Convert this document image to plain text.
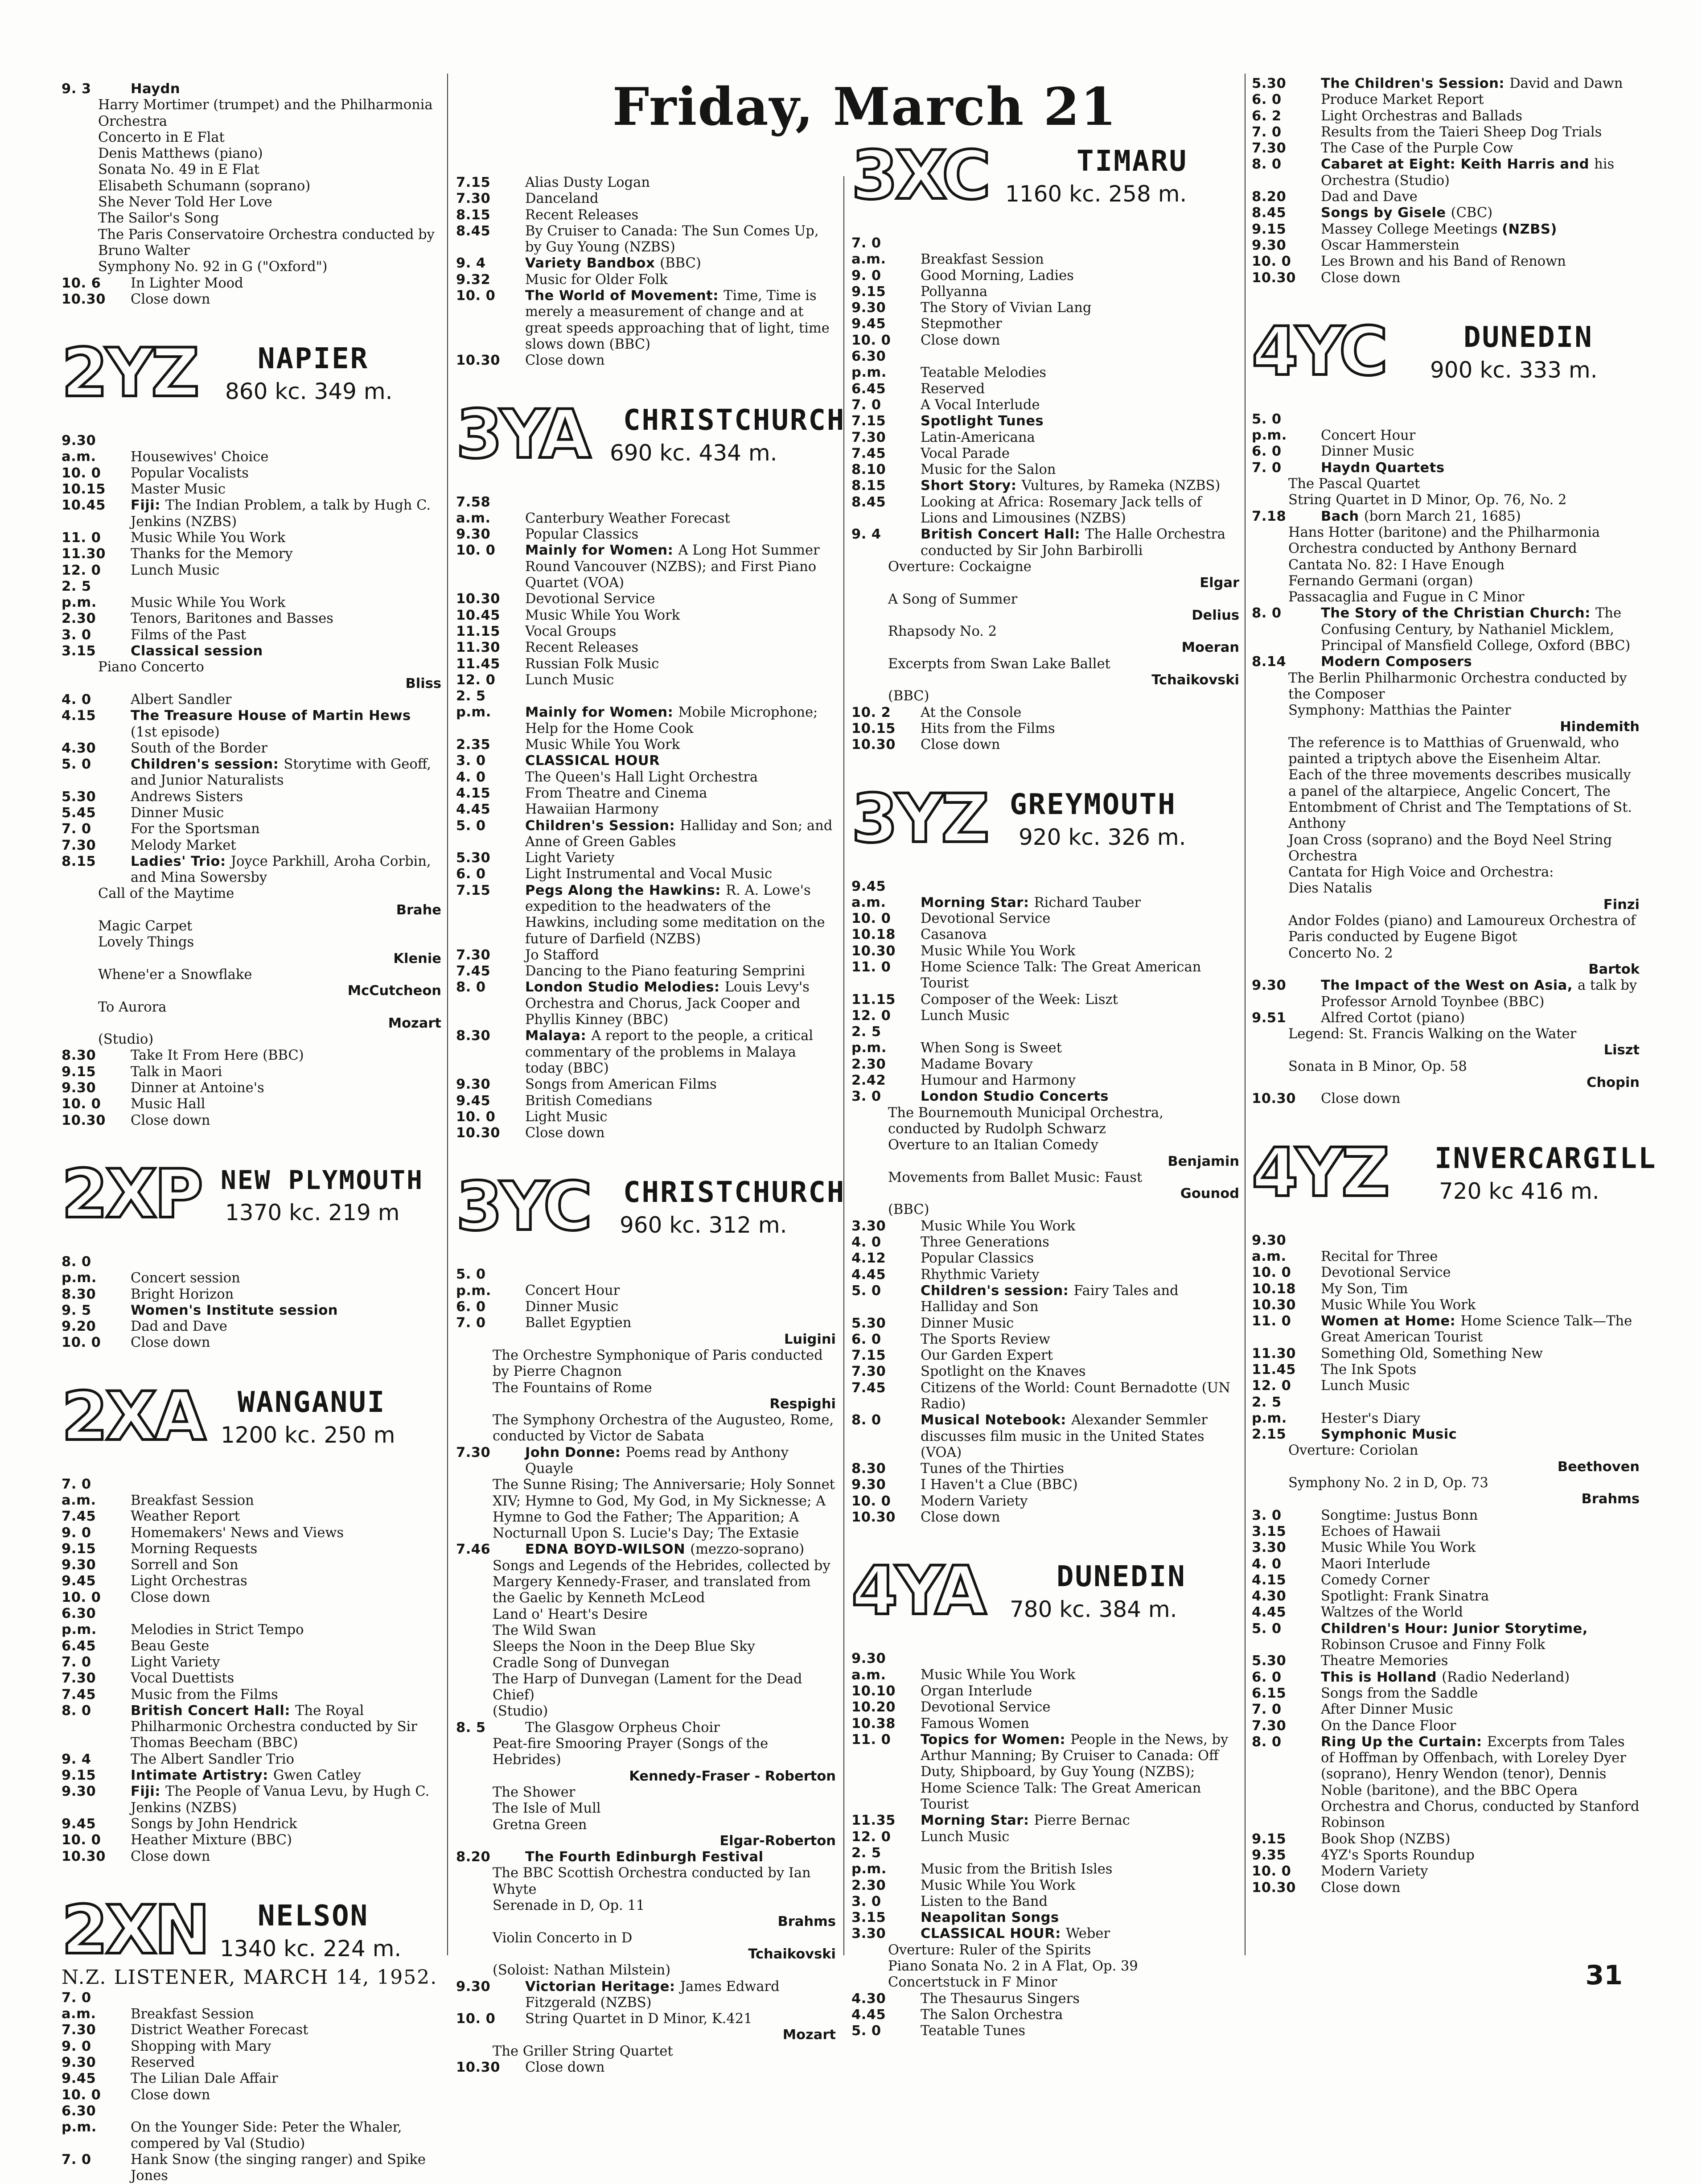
Friday, March 21
9. 3	Haydn
Harry Mortimer (trumpet) and the Philharmonia Orchestra
Concerto in E Flat
Denis Matthews (piano)
Sonata No. 49 in E Flat
Elisabeth Schumann (soprano)
She Never Told Her Love
The Sailor's Song
The Paris Conservatoire Orchestra conducted by Bruno Walter
Symphony No. 92 in G ("Oxford")
10. 6 In Lighter Mood
10.30 Close down
2YZ NAPIER
860 kc. 349 m.
9.30 a.m.	Housewives' Choice
10. 0 Popular Vocalists
10.15 Master Music
10.45 Fiji: The Indian Problem, a talk by Hugh C. Jenkins (NZBS)
11. 0 Music While You Work
11.30 Thanks for the Memory
12. 0 Lunch Music
2. 5 p.m. Music While You Work
2.30	Tenors, Baritones and Basses
3. 0	Films of the Past
3.15	Classical session
Piano Concerto
Bliss
4. 0	Albert Sandler
4.15	The Treasure House of Martin Hews (1st episode)
4.30	South of the Border
5. 0	Children's session: Storytime with Geoff, and Junior Naturalists
5.30	Andrews Sisters
5.45	Dinner Music
7. 0	For the Sportsman
7.30	Melody Market
8.15	Ladies' Trio: Joyce Parkhill, Aroha Corbin, and Mina Sowersby
Call of the Maytime
Brahe
Magic Carpet
Lovely Things
Klenie
Whene'er a Snowflake
McCutcheon
To Aurora
Mozart
(Studio)
8.30	Take It From Here (BBC)
9.15	Talk in Maori
9.30	Dinner at Antoine's
10. 0 Music Hall
10.30 Close down
2XP NEW PLYMOUTH
1370 kc. 219 m
8. 0 p.m. Concert session
8.30	Bright Horizon
9. 5	Women's Institute session
9.20	Dad and Dave
10. 0 Close down
2XA WANGANUI
1200 kc. 250 m
7. 0 a.m.	Breakfast Session
7.45	Weather Report
9. 0	Homemakers' News and Views
9.15	Morning Requests
9.30	Sorrell and Son
9.45	Light Orchestras
10. 0 Close down
6.30 p.m. Melodies in Strict Tempo
6.45	Beau Geste
7. 0	Light Variety
7.30	Vocal Duettists
7.45	Music from the Films
8. 0	British Concert Hall: The Royal Philharmonic Orchestra conducted by Sir Thomas Beecham (BBC)
9. 4	The Albert Sandler Trio
9.15	Intimate Artistry: Gwen Catley
9.30	Fiji: The People of Vanua Levu, by Hugh C. Jenkins (NZBS)
9.45	Songs by John Hendrick
10. 0 Heather Mixture (BBC)
10.30 Close down
2XN NELSON
1340 kc. 224 m.
7. 0 a.m.	Breakfast Session
7.30	District Weather Forecast
9. 0	Shopping with Mary
9.30	Reserved
9.45	The Lilian Dale Affair
10. 0 Close down
6.30 p.m. On the Younger Side: Peter the Whaler, compered by Val (Studio)
7. 0	Hank Snow (the singing ranger) and Spike Jones
7.15	Alias Dusty Logan
7.30	Danceland
8.15	Recent Releases
8.45	By Cruiser to Canada: The Sun Comes Up, by Guy Young (NZBS)
9. 4	Variety Bandbox (BBC)
9.32	Music for Older Folk
10. 0 The World of Movement: Time, Time is merely a measurement of change and at great speeds approaching that of light, time slows down (BBC)
10.30 Close down
3YA CHRISTCHURCH
690 kc. 434 m.
7.58 a.m.	Canterbury Weather Forecast
9.30	Popular Classics
10. 0 Mainly for Women: A Long Hot Summer Round Vancouver (NZBS); and First Piano Quartet (VOA)
10.30 Devotional Service
10.45 Music While You Work
11.15 Vocal Groups
11.30 Recent Releases
11.45 Russian Folk Music
12. 0 Lunch Music
2. 5 p.m. Mainly for Women: Mobile Microphone; Help for the Home Cook
2.35	Music While You Work
3. 0	CLASSICAL HOUR
4. 0	The Queen's Hall Light Orchestra
4.15	From Theatre and Cinema
4.45	Hawaiian Harmony
5. 0	Children's Session: Halliday and Son; and Anne of Green Gables
5.30	Light Variety
6. 0	Light Instrumental and Vocal Music
7.15	Pegs Along the Hawkins: R. A. Lowe's expedition to the headwaters of the Hawkins, including some meditation on the future of Darfield (NZBS)
7.30	Jo Stafford
7.45	Dancing to the Piano featuring Semprini
8. 0	London Studio Melodies: Louis Levy's Orchestra and Chorus, Jack Cooper and Phyllis Kinney (BBC)
8.30	Malaya: A report to the people, a critical commentary of the problems in Malaya today (BBC)
9.30	Songs from American Films
9.45	British Comedians
10. 0 Light Music
10.30 Close down
3YC CHRISTCHURCH
960 kc. 312 m.
5. 0 p.m. Concert Hour
6. 0	Dinner Music
7. 0	Ballet Egyptien
Luigini
The Orchestre Symphonique of Paris conducted by Pierre Chagnon
The Fountains of Rome
Respighi
The Symphony Orchestra of the Augusteo, Rome, conducted by Victor de Sabata
7.30	John Donne: Poems read by Anthony Quayle
The Sunne Rising; The Anniversarie; Holy Sonnet XIV; Hymne to God, My God, in My Sicknesse; A Hymne to God the Father; The Apparition; A Nocturnall Upon S. Lucie's Day; The Extasie
7.46	EDNA BOYD-WILSON (mezzo-soprano)
Songs and Legends of the Hebrides, collected by Margery Kennedy-Fraser, and translated from the Gaelic by Kenneth McLeod
Land o' Heart's Desire
The Wild Swan
Sleeps the Noon in the Deep Blue Sky
Cradle Song of Dunvegan
The Harp of Dunvegan (Lament for the Dead Chief)
(Studio)
8. 5	The Glasgow Orpheus Choir
Peat-fire Smooring Prayer (Songs of the Hebrides)
Kennedy-Fraser - Roberton
The Shower
The Isle of Mull
Gretna Green
Elgar-Roberton
8.20	The Fourth Edinburgh Festival
The BBC Scottish Orchestra conducted by Ian Whyte
Serenade in D, Op. 11
Brahms
Violin Concerto in D
Tchaikovski
(Soloist: Nathan Milstein)
9.30	Victorian Heritage: James Edward Fitzgerald (NZBS)
10. 0 String Quartet in D Minor, K.421
Mozart
The Griller String Quartet
10.30 Close down
3XC	TIMARU
1160 kc. 258 m.
7. 0 a.m.	Breakfast Session
9. 0	Good Morning, Ladies
9.15	Pollyanna
9.30	The Story of Vivian Lang
9.45	Stepmother
10. 0 Close down
6.30 p.m. Teatable Melodies
6.45	Reserved
7. 0	A Vocal Interlude
7.15	Spotlight Tunes
7.30	Latin-Americana
7.45	Vocal Parade
8.10	Music for the Salon
8.15	Short Story: Vultures, by Rameka (NZBS)
8.45	Looking at Africa: Rosemary Jack tells of Lions and Limousines (NZBS)
9. 4	British Concert Hall: The Halle Orchestra conducted by Sir John Barbirolli
Overture: Cockaigne
Elgar
A Song of Summer
Delius
Rhapsody No. 2
Moeran
Excerpts from Swan Lake Ballet
Tchaikovski
(BBC)
10. 2 At the Console
10.15 Hits from the Films
10.30 Close down
3YZ GREYMOUTH
920 kc. 326 m.
9.45 a.m.	Morning Star: Richard Tauber
10. 0 Devotional Service
10.18 Casanova
10.30 Music While You Work
11. 0 Home Science Talk: The Great American Tourist
11.15 Composer of the Week: Liszt
12. 0 Lunch Music
2. 5 p.m. When Song is Sweet
2.30	Madame Bovary
2.42	Humour and Harmony
3. 0	London Studio Concerts
The Bournemouth Municipal Orchestra, conducted by Rudolph Schwarz
Overture to an Italian Comedy
Benjamin
Movements from Ballet Music: Faust
Gounod
(BBC)
3.30	Music While You Work
4. 0	Three Generations
4.12	Popular Classics
4.45	Rhythmic Variety
5. 0	Children's session: Fairy Tales and Halliday and Son
5.30	Dinner Music
6. 0	The Sports Review
7.15	Our Garden Expert
7.30	Spotlight on the Knaves
7.45	Citizens of the World: Count Bernadotte (UN Radio)
8. 0	Musical Notebook: Alexander Semmler discusses film music in the United States (VOA)
8.30	Tunes of the Thirties
9.30	I Haven't a Clue (BBC)
10. 0 Modern Variety
10.30 Close down
4YA	DUNEDIN
780 kc. 384 m.
9.30 a.m.	Music While You Work
10.10 Organ Interlude
10.20 Devotional Service
10.38 Famous Women
11. 0 Topics for Women: People in the News, by Arthur Manning; By Cruiser to Canada: Off Duty, Shipboard, by Guy Young (NZBS); Home Science Talk: The Great American Tourist
11.35 Morning Star: Pierre Bernac
12. 0 Lunch Music
2. 5 p.m. Music from the British Isles
2.30	Music While You Work
3. 0	Listen to the Band
3.15	Neapolitan Songs
3.30	CLASSICAL HOUR: Weber
Overture: Ruler of the Spirits
Piano Sonata No. 2 in A Flat, Op. 39
Concertstuck in F Minor
4.30	The Thesaurus Singers
4.45	The Salon Orchestra
5. 0	Teatable Tunes
5.30	The Children's Session: David and Dawn
6. 0	Produce Market Report
6. 2	Light Orchestras and Ballads
7. 0	Results from the Taieri Sheep Dog Trials
7.30	The Case of the Purple Cow
8. 0	Cabaret at Eight: Keith Harris and his Orchestra (Studio)
8.20	Dad and Dave
8.45	Songs by Gisele (CBC)
9.15	Massey College Meetings (NZBS)
9.30	Oscar Hammerstein
10. 0 Les Brown and his Band of Renown
10.30 Close down
4YC	DUNEDIN
900 kc. 333 m.
5. 0 p.m. Concert Hour
6. 0	Dinner Music
7. 0	Haydn Quartets
The Pascal Quartet
String Quartet in D Minor, Op. 76, No. 2
7.18	Bach (born March 21, 1685)
Hans Hotter (baritone) and the Philharmonia Orchestra conducted by Anthony Bernard
Cantata No. 82: I Have Enough
Fernando Germani (organ)
Passacaglia and Fugue in C Minor
8. 0	The Story of the Christian Church: The Confusing Century, by Nathaniel Micklem, Principal of Mansfield College, Oxford (BBC)
8.14	Modern Composers
The Berlin Philharmonic Orchestra conducted by the Composer
Symphony: Matthias the Painter
Hindemith
The reference is to Matthias of Gruenwald, who painted a triptych above the Eisenheim Altar. Each of the three movements describes musically a panel of the altarpiece, Angelic Concert, The Entombment of Christ and The Temptations of St. Anthony
Joan Cross (soprano) and the Boyd Neel String Orchestra
Cantata for High Voice and Orchestra:
Dies Natalis
Finzi
Andor Foldes (piano) and Lamoureux Orchestra of Paris conducted by Eugene Bigot
Concerto No. 2
Bartok
9.30	The Impact of the West on Asia, a talk by Professor Arnold Toynbee (BBC)
9.51	Alfred Cortot (piano)
Legend: St. Francis Walking on the Water
Liszt
Sonata in B Minor, Op. 58
Chopin
10.30 Close down
4YZ INVERCARGILL
720 kc 416 m.
9.30 a.m.	Recital for Three
10. 0 Devotional Service
10.18 My Son, Tim
10.30 Music While You Work
11. 0 Women at Home: Home Science Talk—The Great American Tourist
11.30 Something Old, Something New
11.45 The Ink Spots
12. 0 Lunch Music
2. 5 p.m. Hester's Diary
2.15	Symphonic Music
Overture: Coriolan
Beethoven
Symphony No. 2 in D, Op. 73
Brahms
3. 0	Songtime: Justus Bonn
3.15	Echoes of Hawaii
3.30	Music While You Work
4. 0	Maori Interlude
4.15	Comedy Corner
4.30	Spotlight: Frank Sinatra
4.45	Waltzes of the World
5. 0	Children's Hour: Junior Storytime, Robinson Crusoe and Finny Folk
5.30	Theatre Memories
6. 0	This is Holland (Radio Nederland)
6.15	Songs from the Saddle
7. 0	After Dinner Music
7.30	On the Dance Floor
8. 0	Ring Up the Curtain: Excerpts from Tales of Hoffman by Offenbach, with Loreley Dyer (soprano), Henry Wendon (tenor), Dennis Noble (baritone), and the BBC Opera Orchestra and Chorus, conducted by Stanford Robinson
9.15	Book Shop (NZBS)
9.35	4YZ's Sports Roundup
10. 0 Modern Variety
10.30 Close down
N.Z. LISTENER, MARCH 14, 1952.	31
